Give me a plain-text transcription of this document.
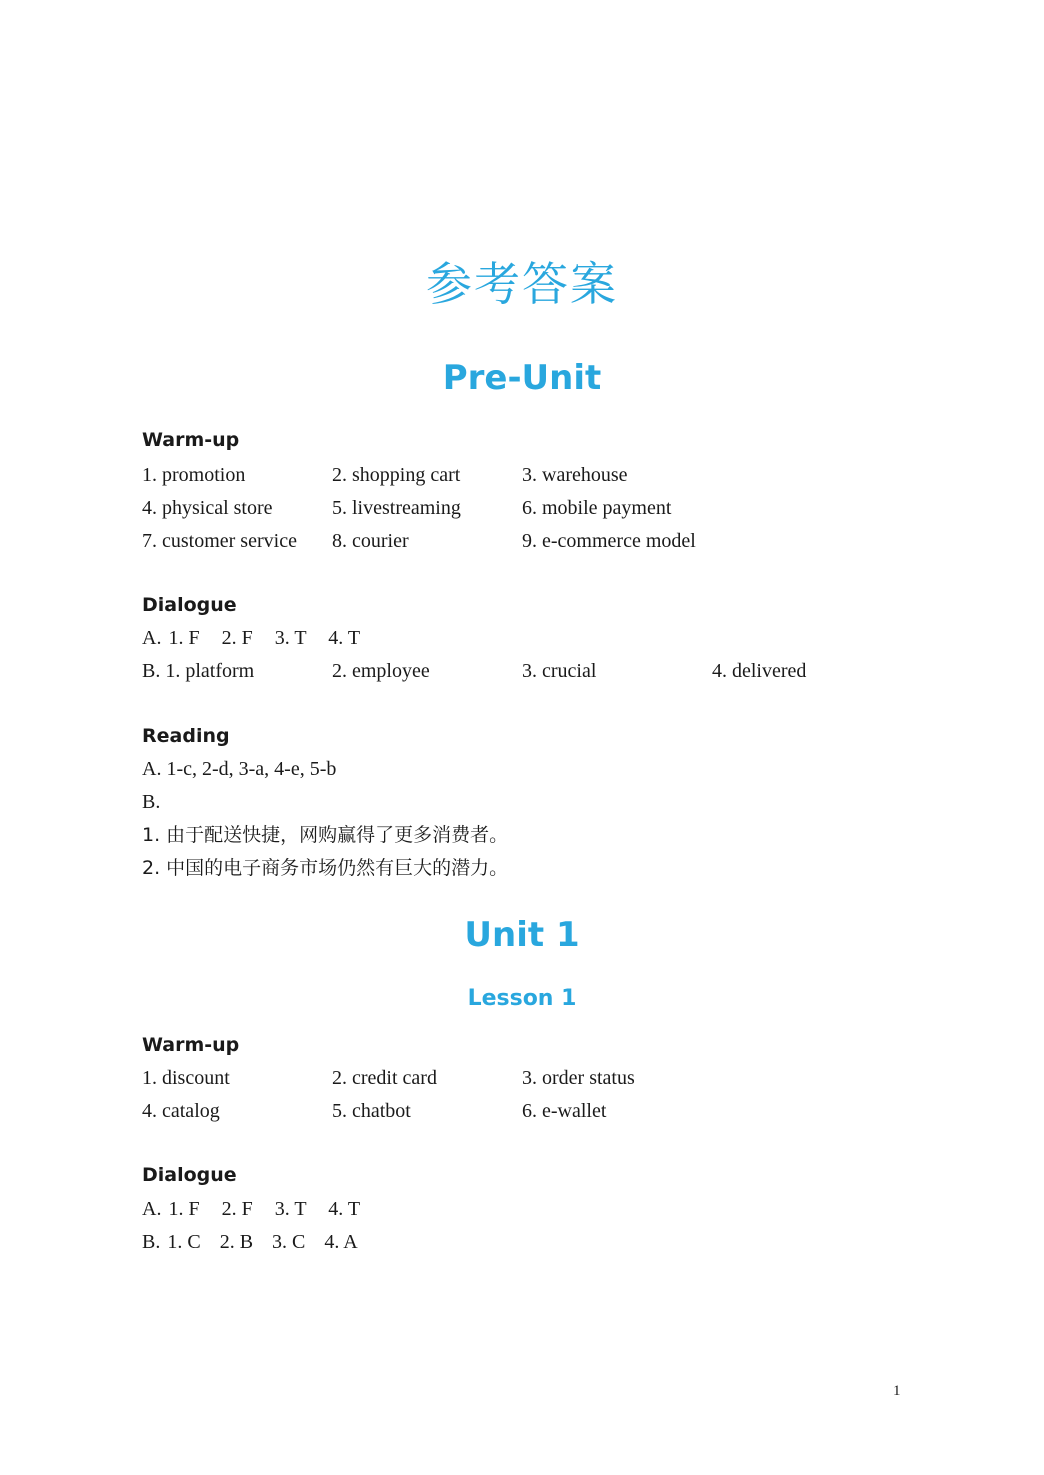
参考答案
Pre-Unit
Warm-up
1. promotion	2. shopping cart	3. warehouse
4. physical store	5. livestreaming	6. mobile payment
7. customer service 8. courier	9. e-commerce model
Dialogue
A. 1. F 2. F 3. T 4. T
B. 1. platform	2. employee	3. crucial	4. delivered
Reading
A. 1-c, 2-d, 3-a, 4-e, 5-b
B.
1. 由于配送快捷，网购赢得了更多消费者。
2. 中国的电子商务市场仍然有巨大的潜力。
Unit 1
Lesson 1
Warm-up
1. discount	2. credit card	3. order status
4. catalog	5. chatbot	6. e-wallet
Dialogue
A. 1. F 2. F 3. T 4. T
B. 1. C 2. B 3. C 4. A
1
